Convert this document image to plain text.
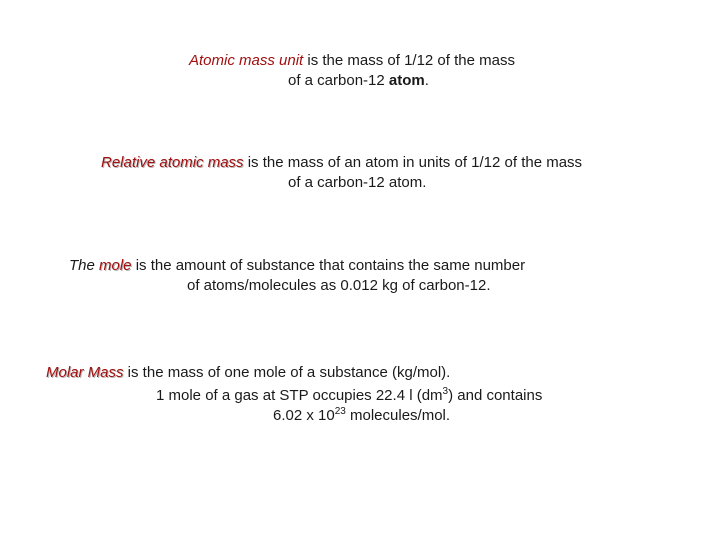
Atomic mass unit is the mass of 1/12 of the mass
of a carbon-12 atom.
Relative atomic mass is the mass of an atom in units of 1/12 of the mass
of a carbon-12 atom.
The mole is the amount of substance that contains the same number
of atoms/molecules as 0.012 kg of carbon-12.
Molar Mass is the mass of one mole of a substance (kg/mol).
1 mole of a gas at STP occupies 22.4 l $(dm^3)$ and contains
6.02 x $10^{23}$ molecules/mol.
